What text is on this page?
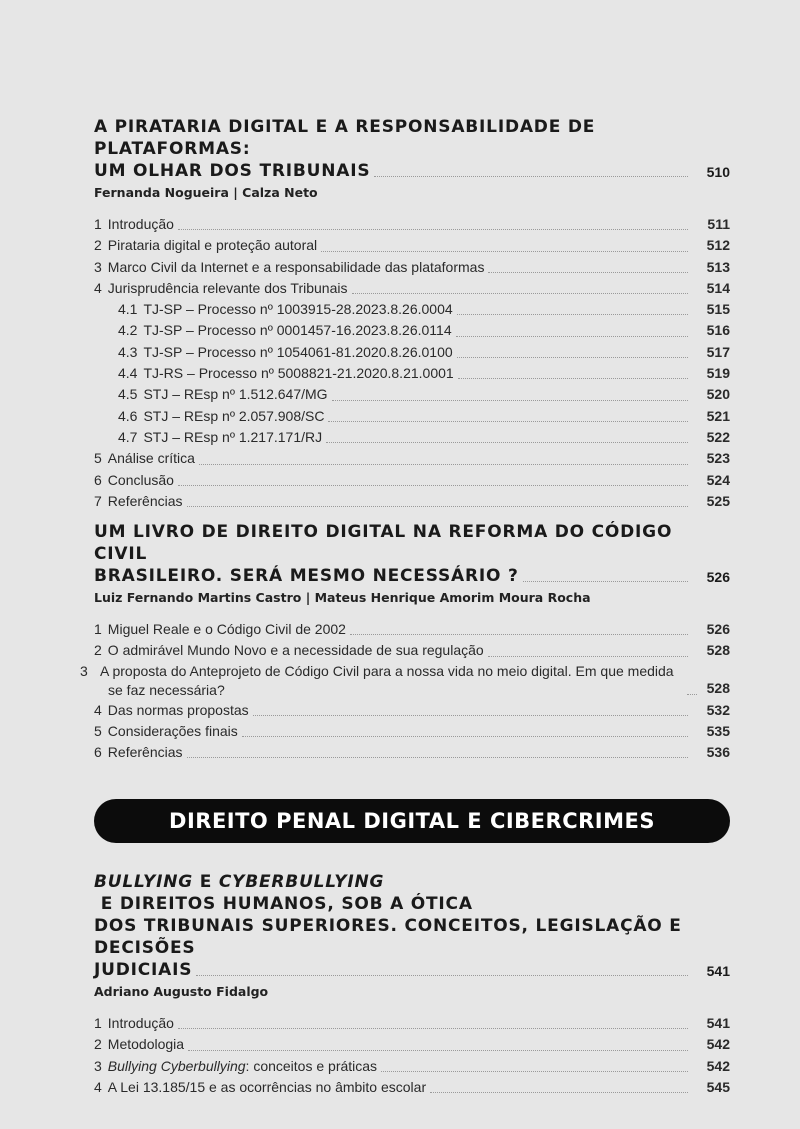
A PIRATARIA DIGITAL E A RESPONSABILIDADE DE PLATAFORMAS:
UM OLHAR DOS TRIBUNAIS	510
Fernanda Nogueira | Calza Neto
1 Introdução	511
2 Pirataria digital e proteção autoral	512
3 Marco Civil da Internet e a responsabilidade das plataformas	513
4 Jurisprudência relevante dos Tribunais	514
4.1 TJ-SP – Processo nº 1003915-28.2023.8.26.0004	515
4.2 TJ-SP – Processo nº 0001457-16.2023.8.26.0114	516
4.3 TJ-SP – Processo nº 1054061-81.2020.8.26.0100	517
4.4 TJ-RS – Processo nº 5008821-21.2020.8.21.0001	519
4.5 STJ – REsp nº 1.512.647/MG	520
4.6 STJ – REsp nº 2.057.908/SC	521
4.7 STJ – REsp nº 1.217.171/RJ	522
5 Análise crítica	523
6 Conclusão	524
7 Referências	525
UM LIVRO DE DIREITO DIGITAL NA REFORMA DO CÓDIGO CIVIL
BRASILEIRO. SERÁ MESMO NECESSÁRIO ?	526
Luiz Fernando Martins Castro | Mateus Henrique Amorim Moura Rocha
1 Miguel Reale e o Código Civil de 2002	526
2 O admirável Mundo Novo e a necessidade de sua regulação	528
3 A proposta do Anteprojeto de Código Civil para a nossa vida no meio digital. Em que medida se faz necessária?	528
4 Das normas propostas	532
5 Considerações finais	535
6 Referências	536
DIREITO PENAL DIGITAL E CIBERCRIMES
BULLYING E CYBERBULLYING E DIREITOS HUMANOS, SOB A ÓTICA
DOS TRIBUNAIS SUPERIORES. CONCEITOS, LEGISLAÇÃO E DECISÕES
JUDICIAIS	541
Adriano Augusto Fidalgo
1 Introdução	541
2 Metodologia	542
3 Bullying Cyberbullying: conceitos e práticas	542
4 A Lei 13.185/15 e as ocorrências no âmbito escolar	545
